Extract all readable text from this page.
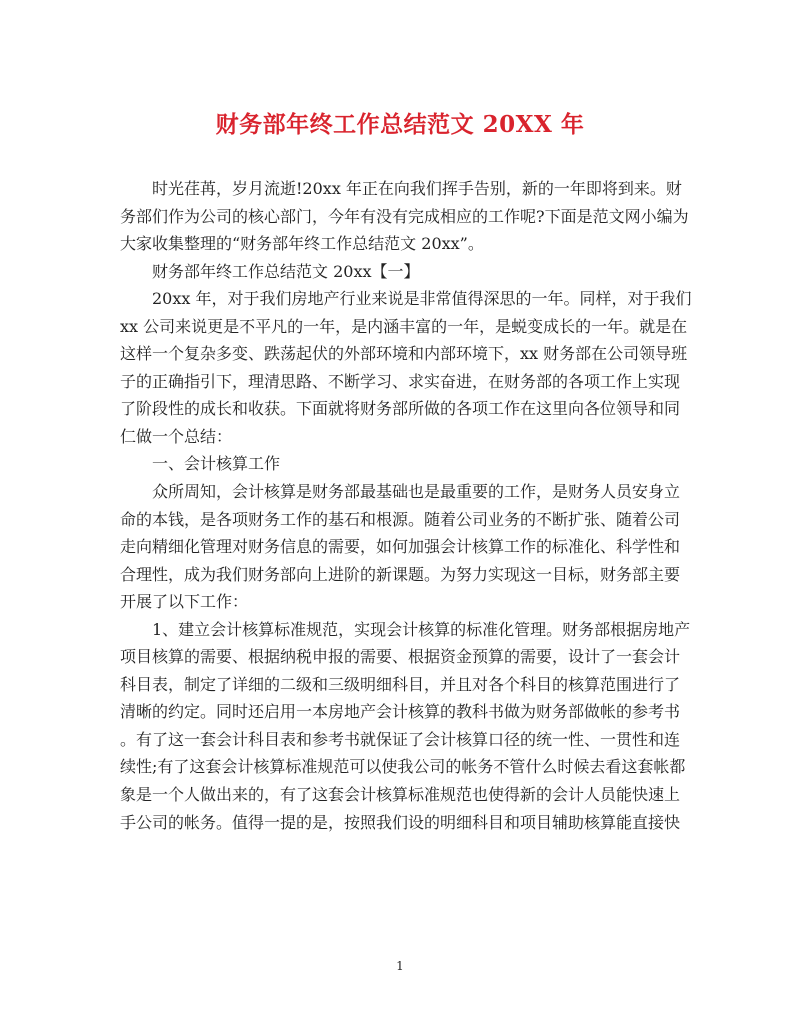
财务部年终工作总结范文 20XX 年
时光荏苒，岁月流逝!20xx 年正在向我们挥手告别，新的一年即将到来。财
务部们作为公司的核心部门，今年有没有完成相应的工作呢?下面是范文网小编为
大家收集整理的“财务部年终工作总结范文 20xx”。
财务部年终工作总结范文 20xx【一】
20xx 年，对于我们房地产行业来说是非常值得深思的一年。同样，对于我们
xx 公司来说更是不平凡的一年，是内涵丰富的一年，是蜕变成长的一年。就是在
这样一个复杂多变、跌荡起伏的外部环境和内部环境下，xx 财务部在公司领导班
子的正确指引下，理清思路、不断学习、求实奋进，在财务部的各项工作上实现
了阶段性的成长和收获。下面就将财务部所做的各项工作在这里向各位领导和同
仁做一个总结：
一、会计核算工作
众所周知，会计核算是财务部最基础也是最重要的工作，是财务人员安身立
命的本钱，是各项财务工作的基石和根源。随着公司业务的不断扩张、随着公司
走向精细化管理对财务信息的需要，如何加强会计核算工作的标准化、科学性和
合理性，成为我们财务部向上进阶的新课题。为努力实现这一目标，财务部主要
开展了以下工作：
1、建立会计核算标准规范，实现会计核算的标准化管理。财务部根据房地产
项目核算的需要、根据纳税申报的需要、根据资金预算的需要，设计了一套会计
科目表，制定了详细的二级和三级明细科目，并且对各个科目的核算范围进行了
清晰的约定。同时还启用一本房地产会计核算的教科书做为财务部做帐的参考书
。有了这一套会计科目表和参考书就保证了会计核算口径的统一性、一贯性和连
续性;有了这套会计核算标准规范可以使我公司的帐务不管什么时候去看这套帐都
象是一个人做出来的，有了这套会计核算标准规范也使得新的会计人员能快速上
手公司的帐务。值得一提的是，按照我们设的明细科目和项目辅助核算能直接快
1
